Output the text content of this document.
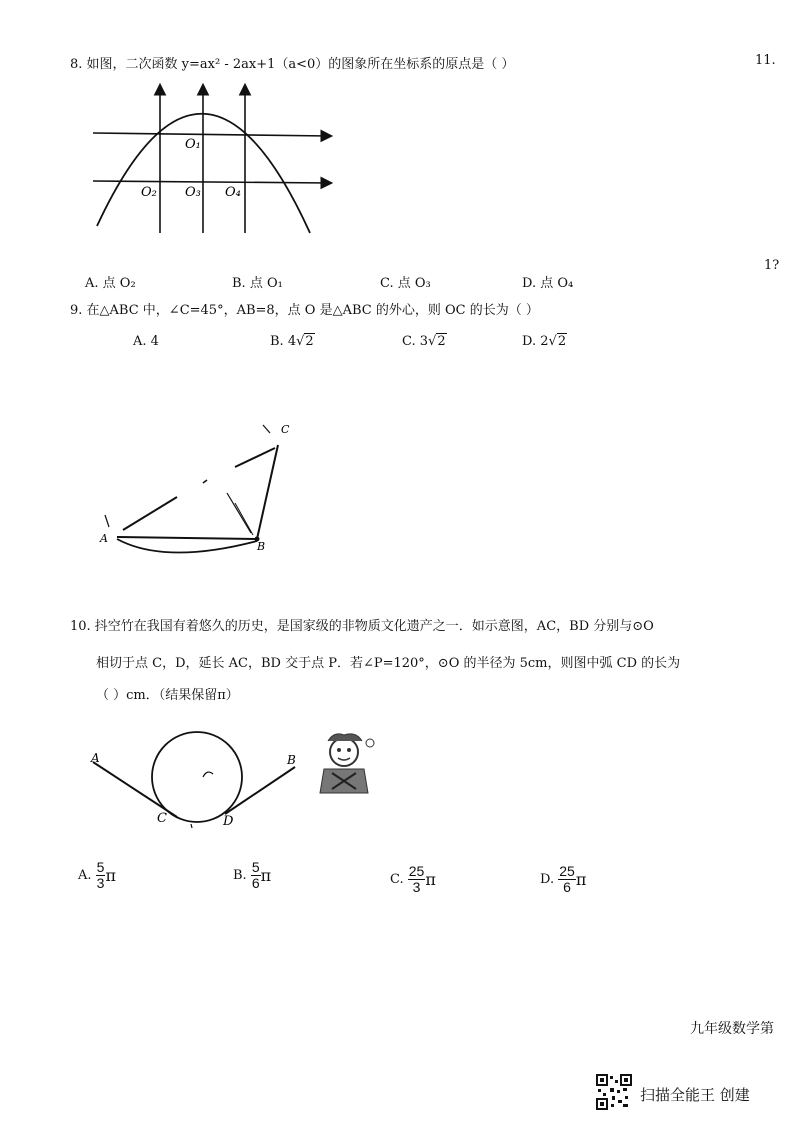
8. 如图，二次函数 y=ax² - 2ax+1（a<0）的图象所在坐标系的原点是（ ）	11.
O₁
O₂ O₃ O₄
A. 点 O₂	B. 点 O₁	C. 点 O₃	D. 点 O₄
1?
9. 在△ABC 中，∠C=45°，AB=8，点 O 是△ABC 的外心，则 OC 的长为（ ）
A. 4	B. 4√2	C. 3√2	D. 2√2
A
B
C
10. 抖空竹在我国有着悠久的历史，是国家级的非物质文化遗产之一．如示意图，AC，BD 分别与⊙O
相切于点 C，D，延长 AC，BD 交于点 P．若∠P=120°，⊙O 的半径为 5cm，则图中弧 CD 的长为
（ ）cm．（结果保留π）
A	B
C	D
A. $\frac{5}{3}$ π	B. $\frac{5}{6}$ π	C. $\frac{25}{3}$ π	D. $\frac{25}{6}$ π
九年级数学第
扫描全能王 创建
